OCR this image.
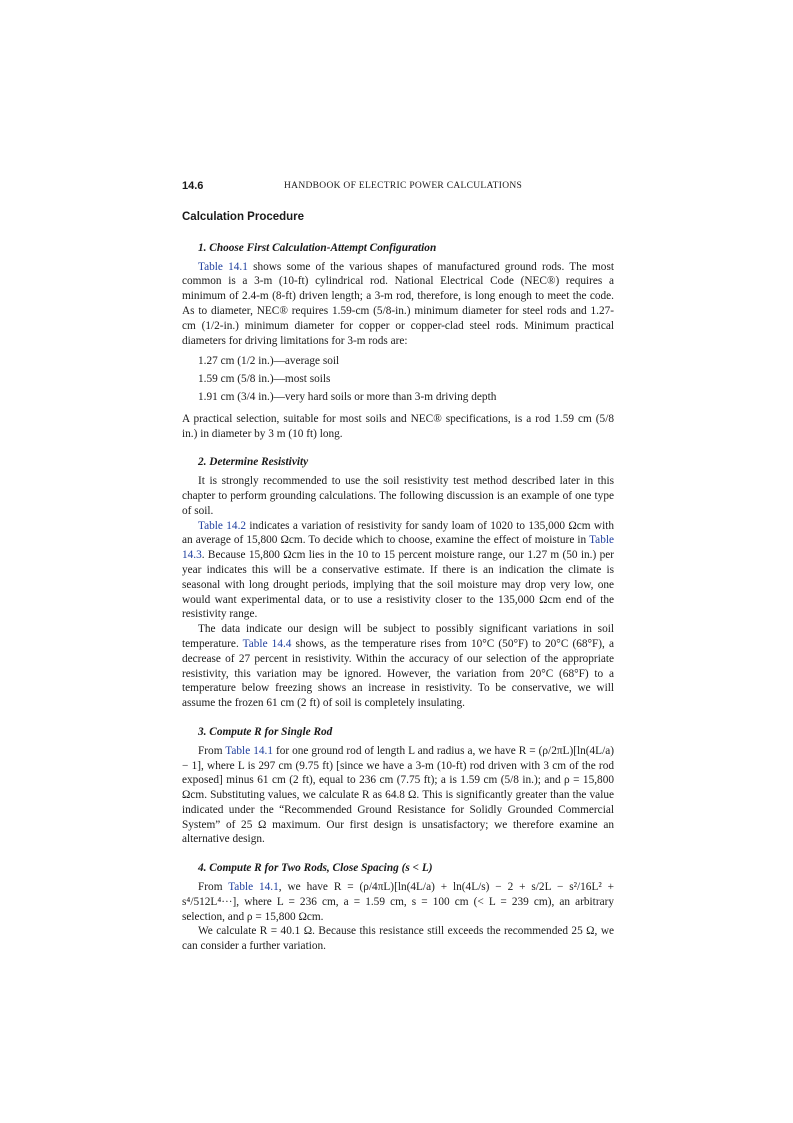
14.6	HANDBOOK OF ELECTRIC POWER CALCULATIONS
Calculation Procedure
1. Choose First Calculation-Attempt Configuration

Table 14.1 shows some of the various shapes of manufactured ground rods. The most common is a 3-m (10-ft) cylindrical rod. National Electrical Code (NEC®) requires a minimum of 2.4-m (8-ft) driven length; a 3-m rod, therefore, is long enough to meet the code. As to diameter, NEC® requires 1.59-cm (5/8-in.) minimum diameter for steel rods and 1.27-cm (1/2-in.) minimum diameter for copper or copper-clad steel rods. Minimum practical diameters for driving limitations for 3-m rods are:

1.27 cm (1/2 in.)—average soil
1.59 cm (5/8 in.)—most soils
1.91 cm (3/4 in.)—very hard soils or more than 3-m driving depth

A practical selection, suitable for most soils and NEC® specifications, is a rod 1.59 cm (5/8 in.) in diameter by 3 m (10 ft) long.

2. Determine Resistivity

It is strongly recommended to use the soil resistivity test method described later in this chapter to perform grounding calculations. The following discussion is an example of one type of soil.

Table 14.2 indicates a variation of resistivity for sandy loam of 1020 to 135,000 Ωcm with an average of 15,800 Ωcm. To decide which to choose, examine the effect of moisture in Table 14.3. Because 15,800 Ωcm lies in the 10 to 15 percent moisture range, our 1.27 m (50 in.) per year indicates this will be a conservative estimate. If there is an indication the climate is seasonal with long drought periods, implying that the soil moisture may drop very low, one would want experimental data, or to use a resistivity closer to the 135,000 Ωcm end of the resistivity range.

The data indicate our design will be subject to possibly significant variations in soil temperature. Table 14.4 shows, as the temperature rises from 10°C (50°F) to 20°C (68°F), a decrease of 27 percent in resistivity. Within the accuracy of our selection of the appropriate resistivity, this variation may be ignored. However, the variation from 20°C (68°F) to a temperature below freezing shows an increase in resistivity. To be conservative, we will assume the frozen 61 cm (2 ft) of soil is completely insulating.

3. Compute R for Single Rod

From Table 14.1 for one ground rod of length L and radius a, we have R = (ρ/2πL)[ln(4L/a) − 1], where L is 297 cm (9.75 ft) [since we have a 3-m (10-ft) rod driven with 3 cm of the rod exposed] minus 61 cm (2 ft), equal to 236 cm (7.75 ft); a is 1.59 cm (5/8 in.); and ρ = 15,800 Ωcm. Substituting values, we calculate R as 64.8 Ω. This is significantly greater than the value indicated under the “Recommended Ground Resistance for Solidly Grounded Commercial System” of 25 Ω maximum. Our first design is unsatisfactory; we therefore examine an alternative design.

4. Compute R for Two Rods, Close Spacing (s < L)

From Table 14.1, we have R = (ρ/4πL)[ln(4L/a) + ln(4L/s) − 2 + s/2L − s²/16L² + s⁴/512L⁴···], where L = 236 cm, a = 1.59 cm, s = 100 cm (< L = 239 cm), an arbitrary selection, and ρ = 15,800 Ωcm.

We calculate R = 40.1 Ω. Because this resistance still exceeds the recommended 25 Ω, we can consider a further variation.
